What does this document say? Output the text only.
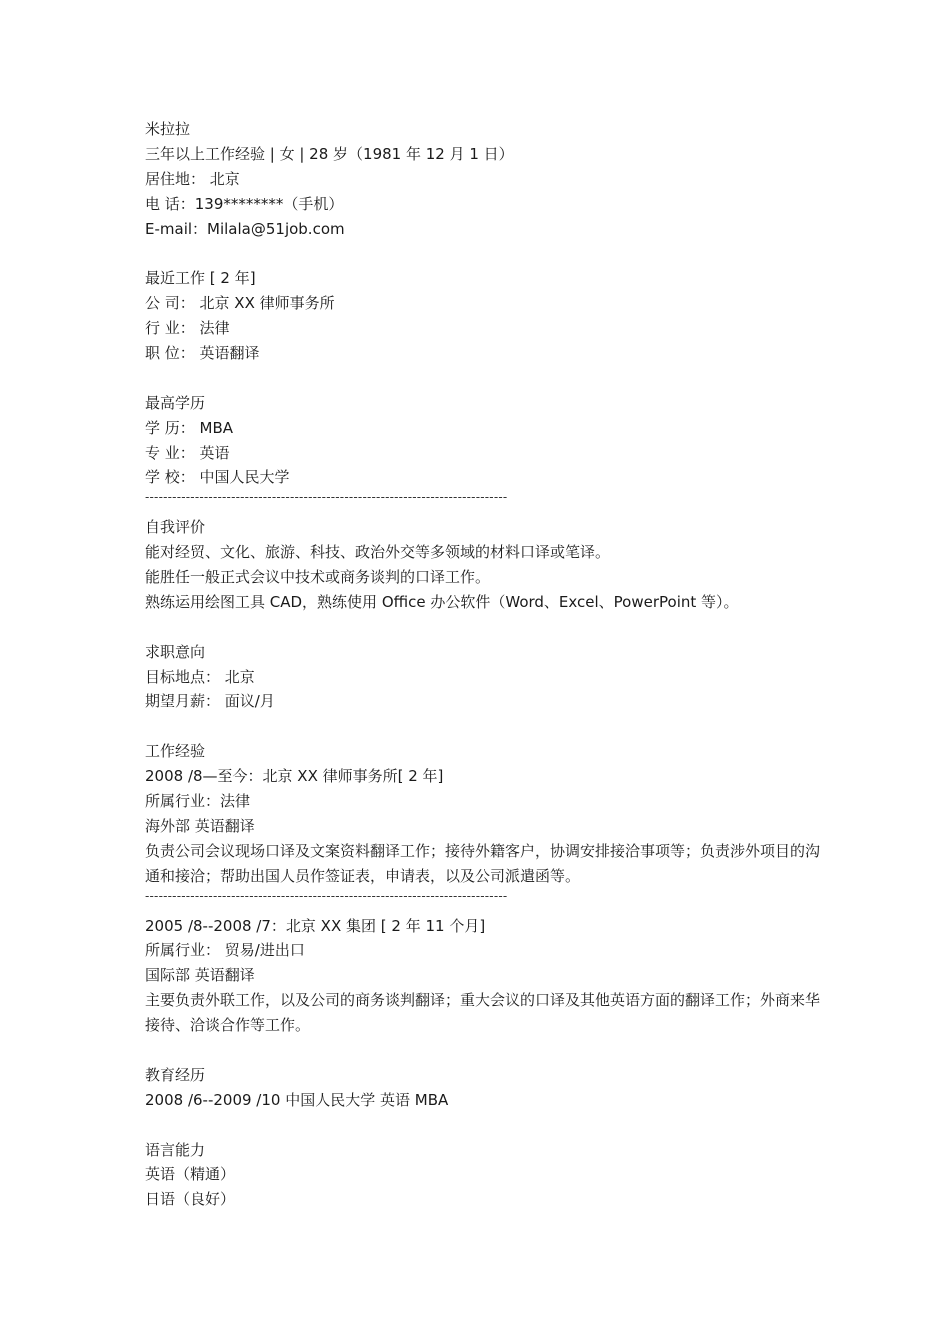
米拉拉
三年以上工作经验 | 女 | 28 岁（1981 年 12 月 1 日）
居住地： 北京
电 话：139********（手机）
E-mail：Milala@51job.com
最近工作 [ 2 年]
公 司： 北京 XX 律师事务所
行 业： 法律
职 位： 英语翻译
最高学历
学 历： MBA
专 业： 英语
学 校： 中国人民大学
--------------------------------------------------------------------------------
自我评价
能对经贸、文化、旅游、科技、政治外交等多领域的材料口译或笔译。
能胜任一般正式会议中技术或商务谈判的口译工作。
熟练运用绘图工具 CAD，熟练使用 Office 办公软件（Word、Excel、PowerPoint 等）。
求职意向
目标地点： 北京
期望月薪： 面议/月
工作经验
2008 /8—至今：北京 XX 律师事务所[ 2 年]
所属行业：法律
海外部 英语翻译
负责公司会议现场口译及文案资料翻译工作；接待外籍客户，协调安排接洽事项等；负责涉外项目的沟通和接洽；帮助出国人员作签证表，申请表，以及公司派遣函等。
--------------------------------------------------------------------------------
2005 /8--2008 /7：北京 XX 集团 [ 2 年 11 个月]
所属行业： 贸易/进出口
国际部 英语翻译
主要负责外联工作，以及公司的商务谈判翻译；重大会议的口译及其他英语方面的翻译工作；外商来华接待、洽谈合作等工作。
教育经历
2008 /6--2009 /10 中国人民大学 英语 MBA
语言能力
英语（精通）
日语（良好）
